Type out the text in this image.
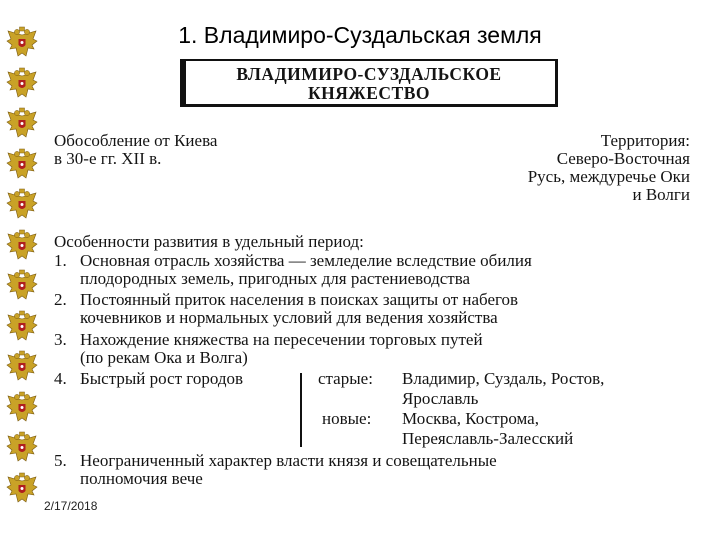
1. Владимиро-Суздальская земля
ВЛАДИМИРО-СУЗДАЛЬСКОЕ
КНЯЖЕСТВО
Обособление от Киева
в 30-е гг. XII в.
Территория:
Северо-Восточная
Русь, междуречье Оки
и Волги
Особенности развития в удельный период:
1. Основная отрасль хозяйства — земледелие вследствие обилия
плодородных земель, пригодных для растениеводства
2. Постоянный приток населения в поисках защиты от набегов
кочевников и нормальных условий для ведения хозяйства
3. Нахождение княжества на пересечении торговых путей
(по рекам Ока и Волга)
4. Быстрый рост городов	старые: Владимир, Суздаль, Ростов,
Ярославль
новые: Москва, Кострома,
Переяславль-Залесский
5. Неограниченный характер власти князя и совещательные
полномочия вече
2/17/2018
